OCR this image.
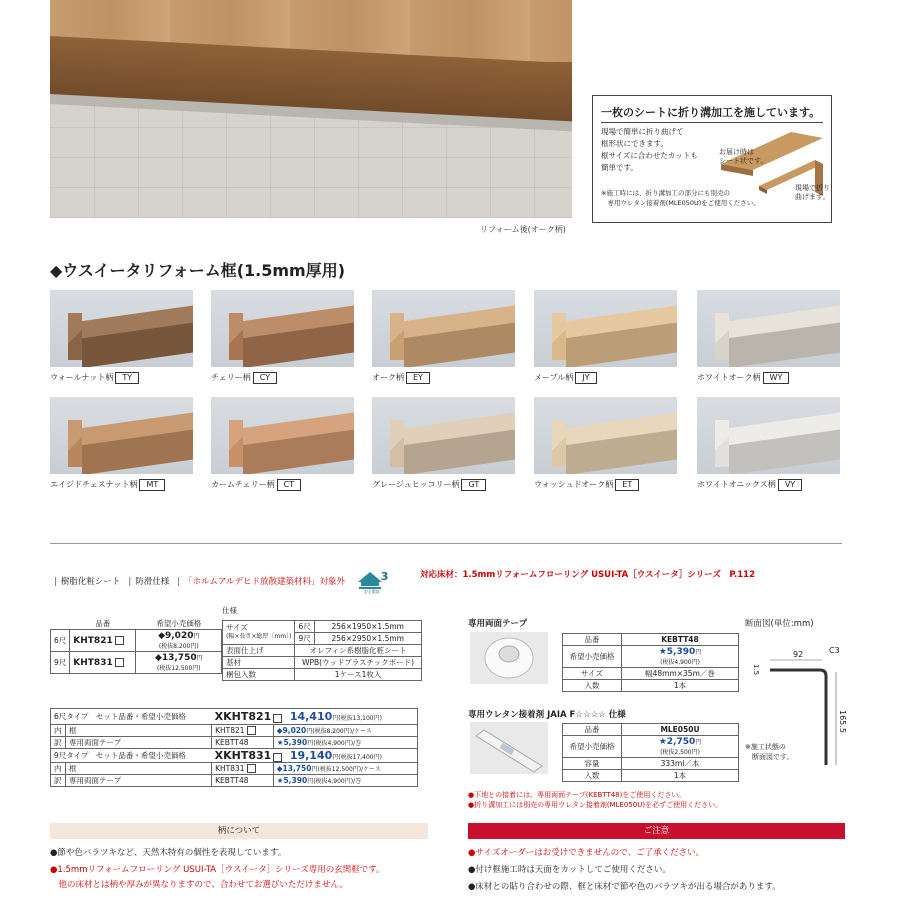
リフォーム後(オーク柄)
一枚のシートに折り溝加工を施しています。
現場で簡単に折り曲げて
框形状にできます。
框サイズに合わせたカットも
簡単です。
お届け時は
シート状です。
現場で折り
曲げます。
※施工時には、折り溝加工の部分にも別売の
　専用ウレタン接着剤(MLE050U)をご使用ください。
◆ウスイータリフォーム框(1.5mm厚用)
ウォールナット柄 TY	チェリー柄 CY	オーク柄 EY	メープル柄 JY	ホワイトオーク柄 WY
エイジドチェスナット柄 MT	カームチェリー柄 CT	グレージュヒッコリー柄 GT	ウォッシュドオーク柄 ET	ホワイトオニックス柄 VY
| 樹脂化粧シート | 防滑仕様 | 「ホルムアルデヒド放散建築材料」対象外	3
安全環境
対応床材：1.5mmリフォームフローリング USUI-TA［ウスイータ］シリーズ　P.112
	品番	希望小売価格
6尺	KHT821	◆9,020円
(税抜8,200円)
9尺	KHT831	◆13,750円
(税抜12,500円)
仕様
サイズ
(幅×長さ×総厚〔mm〕)	6尺	256×1950×1.5mm
	9尺	256×2950×1.5mm
表面仕上げ	オレフィン系樹脂化粧シート	
基材	WPB(ウッドプラスチックボード)	
梱包入数	1ケース1枚入	
6尺タイプ　 セット品番・希望小売価格		XKHT821　 14,410円(税抜13,100円)	
内	框	KHT821	◆9,020円(税抜8,200円)/ケース
訳	専用両面テープ	KEBTT48	★5,390円(税抜4,900円)/巻
9尺タイプ　 セット品番・希望小売価格		XKHT831　 19,140円(税抜17,400円)	
内	框	KHT831	◆13,750円(税抜12,500円)/ケース
訳	専用両面テープ	KEBTT48	★5,390円(税抜4,900円)/巻
専用両面テープ
品番	KEBTT48
希望小売価格	★5,390円
(税抜4,900円)
サイズ	幅48mm×35m／巻
入数	1本
専用ウレタン接着剤 JAIA F☆☆☆☆ 仕様
品番	MLE050U
希望小売価格	★2,750円
(税抜2,500円)
容量	333ml／本
入数	1本
断面図(単位:mm)
92	C3
165.5
1.5
※施工状態の
　断面図です。
●下地との接着には、専用両面テープ(KEBTT48)をご使用ください。
●折り溝加工には別売の専用ウレタン接着剤(MLE050U)を必ずご使用ください。
柄について
●節や色バラツキなど、天然木特有の個性を表現しています。
●1.5mmリフォームフローリング USUI-TA［ウスイータ］シリーズ専用の玄関框です。
　他の床材とは柄や厚みが異なりますので、合わせてお選びいただけません。
ご注意
●サイズオーダーはお受けできませんので、ご了承ください。
●付け框施工時は天面をカットしてご使用ください。
●床材との貼り合わせの際、框と床材で節や色のバラツキが出る場合があります。
